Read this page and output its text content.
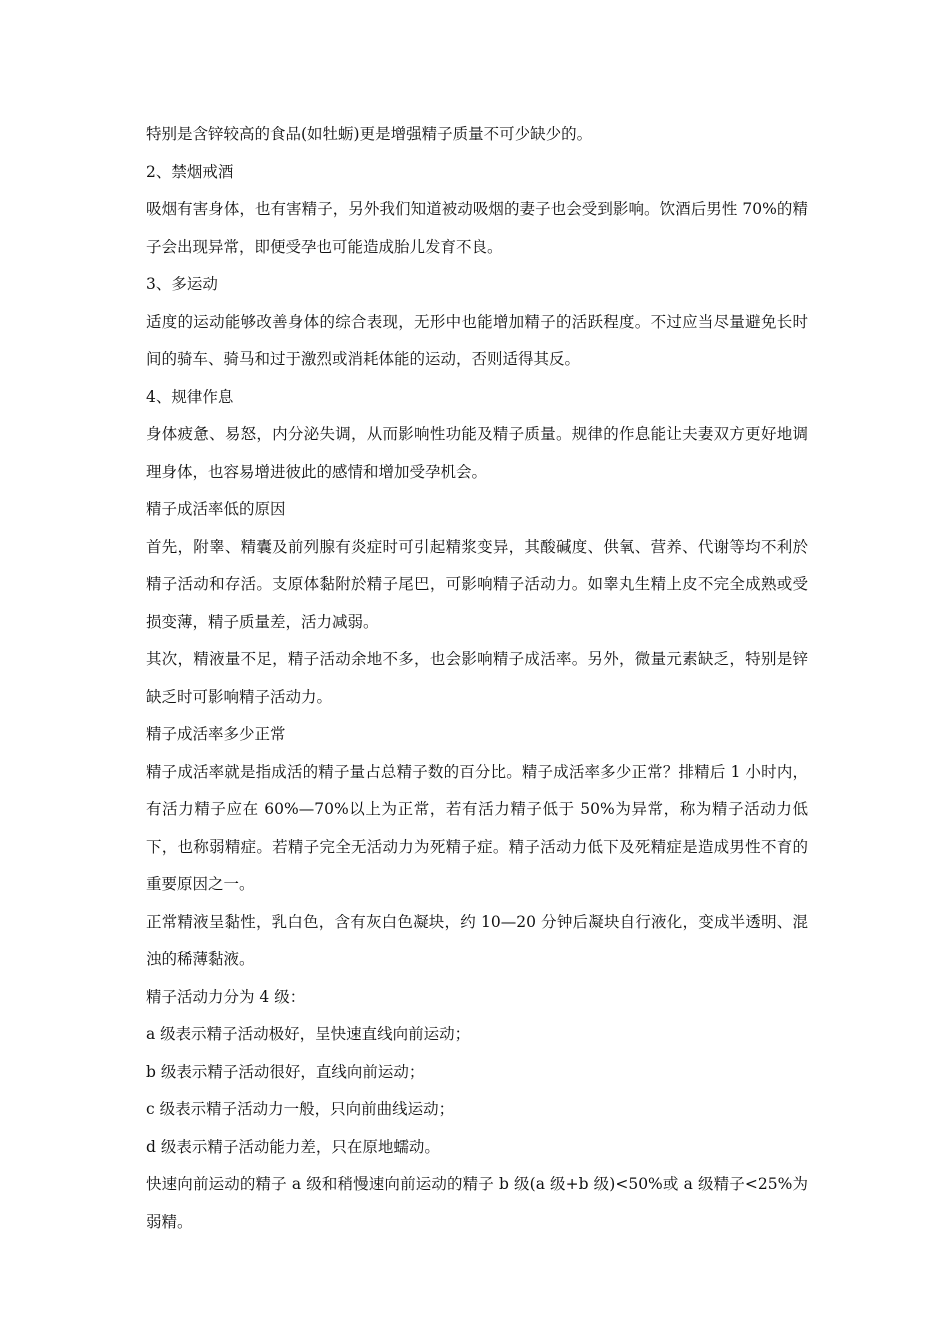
特别是含锌较高的食品(如牡蛎)更是增强精子质量不可少缺少的。

2、禁烟戒酒

吸烟有害身体，也有害精子，另外我们知道被动吸烟的妻子也会受到影响。饮酒后男性 70%的精子会出现异常，即便受孕也可能造成胎儿发育不良。

3、多运动

适度的运动能够改善身体的综合表现，无形中也能增加精子的活跃程度。不过应当尽量避免长时间的骑车、骑马和过于激烈或消耗体能的运动，否则适得其反。

4、规律作息

身体疲惫、易怒，内分泌失调，从而影响性功能及精子质量。规律的作息能让夫妻双方更好地调理身体，也容易增进彼此的感情和增加受孕机会。

精子成活率低的原因

首先，附睾、精囊及前列腺有炎症时可引起精浆变异，其酸碱度、供氧、营养、代谢等均不利於精子活动和存活。支原体黏附於精子尾巴，可影响精子活动力。如睾丸生精上皮不完全成熟或受损变薄，精子质量差，活力减弱。

其次，精液量不足，精子活动余地不多，也会影响精子成活率。另外，微量元素缺乏，特别是锌缺乏时可影响精子活动力。

精子成活率多少正常

精子成活率就是指成活的精子量占总精子数的百分比。精子成活率多少正常？排精后 1 小时内，有活力精子应在 60%—70%以上为正常，若有活力精子低于 50%为异常，称为精子活动力低下，也称弱精症。若精子完全无活动力为死精子症。精子活动力低下及死精症是造成男性不育的重要原因之一。

正常精液呈黏性，乳白色，含有灰白色凝块，约 10—20 分钟后凝块自行液化，变成半透明、混浊的稀薄黏液。

精子活动力分为 4 级：

a 级表示精子活动极好，呈快速直线向前运动；

b 级表示精子活动很好，直线向前运动；

c 级表示精子活动力一般，只向前曲线运动；

d 级表示精子活动能力差，只在原地蠕动。

快速向前运动的精子 a 级和稍慢速向前运动的精子 b 级(a 级+b 级)<50%或 a 级精子<25%为弱精。
